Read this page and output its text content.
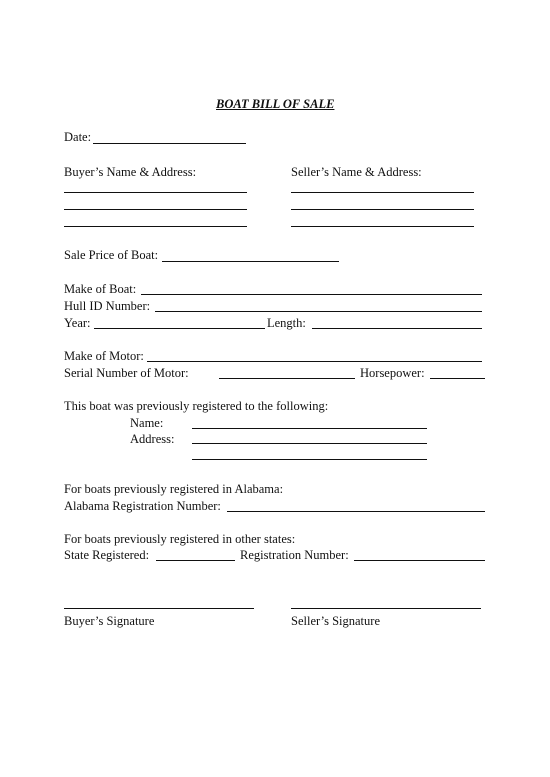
BOAT BILL OF SALE
Date:
Buyer’s Name & Address:	Seller’s Name & Address:
Sale Price of Boat:
Make of Boat:
Hull ID Number:
Year:	Length:
Make of Motor:
Serial Number of Motor:	Horsepower:
This boat was previously registered to the following:
Name:
Address:
For boats previously registered in Alabama:
Alabama Registration Number:
For boats previously registered in other states:
State Registered:	Registration Number:
Buyer’s Signature	Seller’s Signature
